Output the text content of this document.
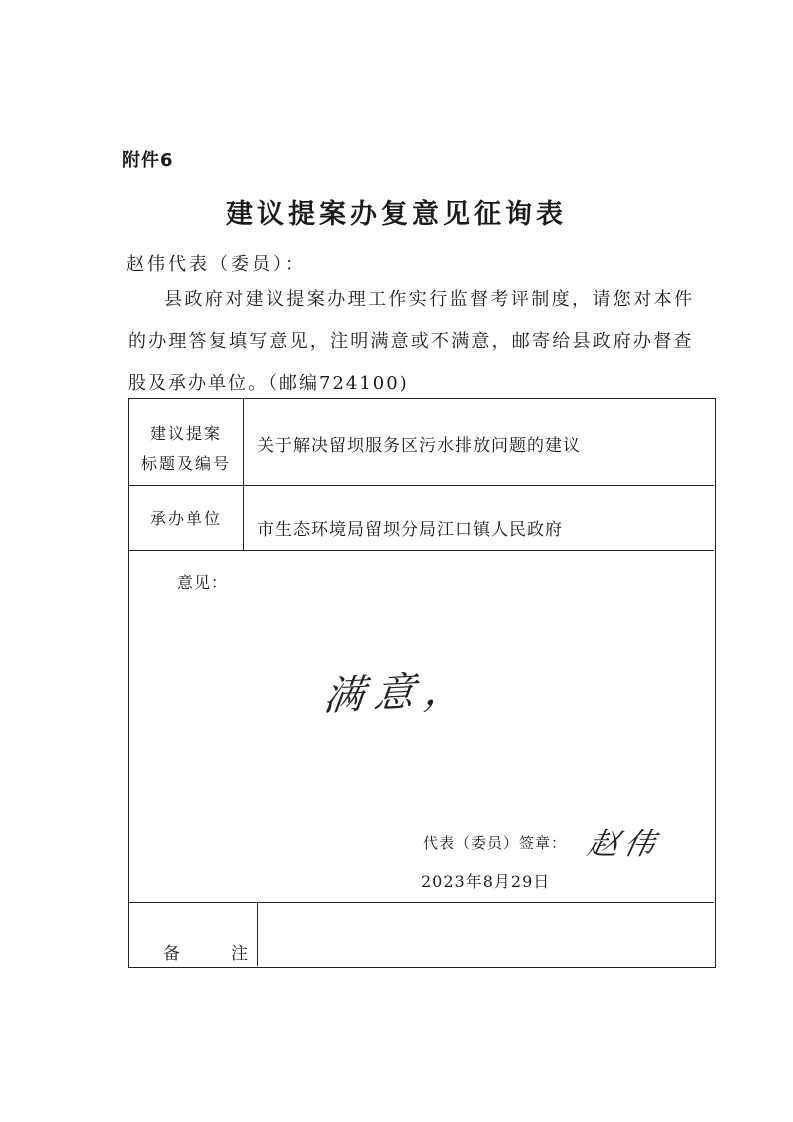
附件6
建议提案办复意见征询表
赵伟代表（委员）：
县政府对建议提案办理工作实行监督考评制度，请您对本件
的办理答复填写意见，注明满意或不满意，邮寄给县政府办督查
股及承办单位。（邮编724100)
建议提案
标题及编号
关于解决留坝服务区污水排放问题的建议
承办单位
市生态环境局留坝分局江口镇人民政府
意见：
满意，
代表（委员）签章： 赵伟
2023年8月29日
备	注
